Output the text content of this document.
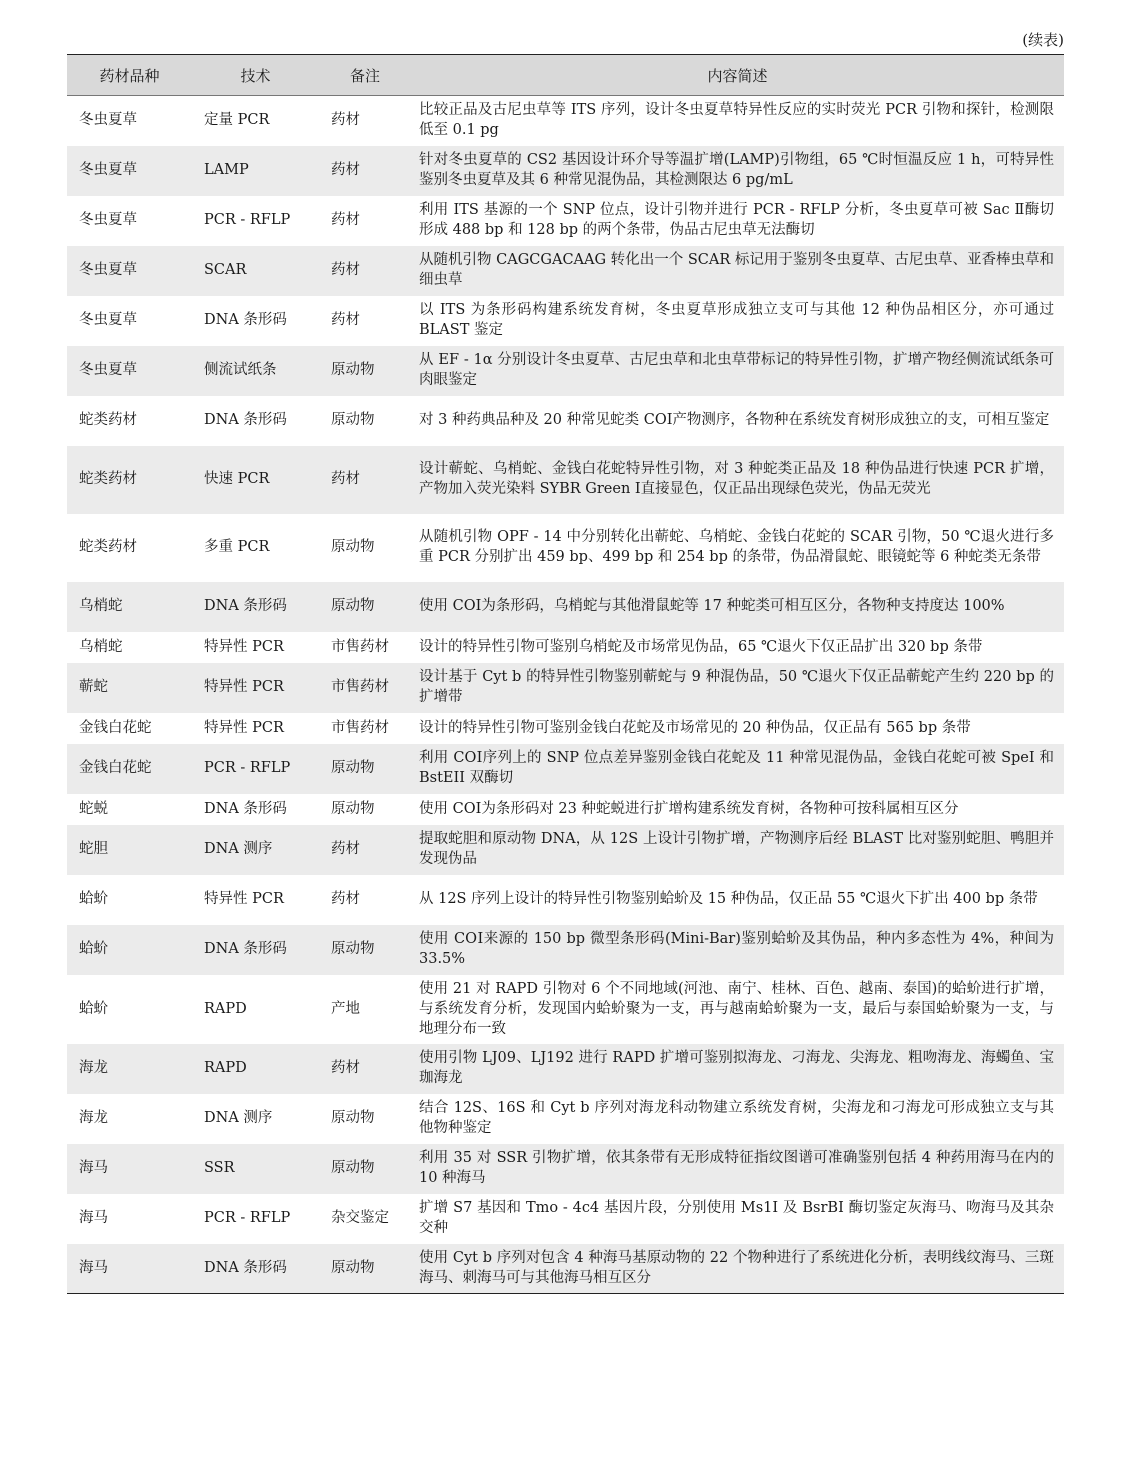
(续表)
药材品种	技术	备注	内容简述
冬虫夏草	定量 PCR	药材	比较正品及古尼虫草等 ITS 序列，设计冬虫夏草特异性反应的实时荧光 PCR 引物和探针，检测限低至 0.1 pg
冬虫夏草	LAMP	药材	针对冬虫夏草的 CS2 基因设计环介导等温扩增(LAMP)引物组，65 ℃时恒温反应 1 h，可特异性鉴别冬虫夏草及其 6 种常见混伪品，其检测限达 6 pg/mL
冬虫夏草	PCR - RFLP	药材	利用 ITS 基源的一个 SNP 位点，设计引物并进行 PCR - RFLP 分析，冬虫夏草可被 Sac Ⅱ酶切形成 488 bp 和 128 bp 的两个条带，伪品古尼虫草无法酶切
冬虫夏草	SCAR	药材	从随机引物 CAGCGACAAG 转化出一个 SCAR 标记用于鉴别冬虫夏草、古尼虫草、亚香棒虫草和细虫草
冬虫夏草	DNA 条形码	药材	以 ITS 为条形码构建系统发育树，冬虫夏草形成独立支可与其他 12 种伪品相区分，亦可通过 BLAST 鉴定
冬虫夏草	侧流试纸条	原动物	从 EF - 1α 分别设计冬虫夏草、古尼虫草和北虫草带标记的特异性引物，扩增产物经侧流试纸条可肉眼鉴定
蛇类药材	DNA 条形码	原动物	对 3 种药典品种及 20 种常见蛇类 COⅠ产物测序，各物种在系统发育树形成独立的支，可相互鉴定
蛇类药材	快速 PCR	药材	设计蕲蛇、乌梢蛇、金钱白花蛇特异性引物，对 3 种蛇类正品及 18 种伪品进行快速 PCR 扩增，产物加入荧光染料 SYBR Green Ⅰ直接显色，仅正品出现绿色荧光，伪品无荧光
蛇类药材	多重 PCR	原动物	从随机引物 OPF - 14 中分别转化出蕲蛇、乌梢蛇、金钱白花蛇的 SCAR 引物，50 ℃退火进行多重 PCR 分别扩出 459 bp、499 bp 和 254 bp 的条带，伪品滑鼠蛇、眼镜蛇等 6 种蛇类无条带
乌梢蛇	DNA 条形码	原动物	使用 COⅠ为条形码，乌梢蛇与其他滑鼠蛇等 17 种蛇类可相互区分，各物种支持度达 100%
乌梢蛇	特异性 PCR	市售药材	设计的特异性引物可鉴别乌梢蛇及市场常见伪品，65 ℃退火下仅正品扩出 320 bp 条带
蕲蛇	特异性 PCR	市售药材	设计基于 Cyt b 的特异性引物鉴别蕲蛇与 9 种混伪品，50 ℃退火下仅正品蕲蛇产生约 220 bp 的扩增带
金钱白花蛇	特异性 PCR	市售药材	设计的特异性引物可鉴别金钱白花蛇及市场常见的 20 种伪品，仅正品有 565 bp 条带
金钱白花蛇	PCR - RFLP	原动物	利用 COⅠ序列上的 SNP 位点差异鉴别金钱白花蛇及 11 种常见混伪品，金钱白花蛇可被 SpeI 和 BstEII 双酶切
蛇蜕	DNA 条形码	原动物	使用 COⅠ为条形码对 23 种蛇蜕进行扩增构建系统发育树，各物种可按科属相互区分
蛇胆	DNA 测序	药材	提取蛇胆和原动物 DNA，从 12S 上设计引物扩增，产物测序后经 BLAST 比对鉴别蛇胆、鸭胆并发现伪品
蛤蚧	特异性 PCR	药材	从 12S 序列上设计的特异性引物鉴别蛤蚧及 15 种伪品，仅正品 55 ℃退火下扩出 400 bp 条带
蛤蚧	DNA 条形码	原动物	使用 COⅠ来源的 150 bp 微型条形码(Mini-Bar)鉴别蛤蚧及其伪品，种内多态性为 4%，种间为 33.5%
蛤蚧	RAPD	产地	使用 21 对 RAPD 引物对 6 个不同地域(河池、南宁、桂林、百色、越南、泰国)的蛤蚧进行扩增，与系统发育分析，发现国内蛤蚧聚为一支，再与越南蛤蚧聚为一支，最后与泰国蛤蚧聚为一支，与地理分布一致
海龙	RAPD	药材	使用引物 LJ09、LJ192 进行 RAPD 扩增可鉴别拟海龙、刁海龙、尖海龙、粗吻海龙、海蠋鱼、宝珈海龙
海龙	DNA 测序	原动物	结合 12S、16S 和 Cyt b 序列对海龙科动物建立系统发育树，尖海龙和刁海龙可形成独立支与其他物种鉴定
海马	SSR	原动物	利用 35 对 SSR 引物扩增，依其条带有无形成特征指纹图谱可准确鉴别包括 4 种药用海马在内的 10 种海马
海马	PCR - RFLP	杂交鉴定	扩增 S7 基因和 Tmo - 4c4 基因片段，分别使用 Ms1I 及 BsrBI 酶切鉴定灰海马、吻海马及其杂交种
海马	DNA 条形码	原动物	使用 Cyt b 序列对包含 4 种海马基原动物的 22 个物种进行了系统进化分析，表明线纹海马、三斑海马、刺海马可与其他海马相互区分
